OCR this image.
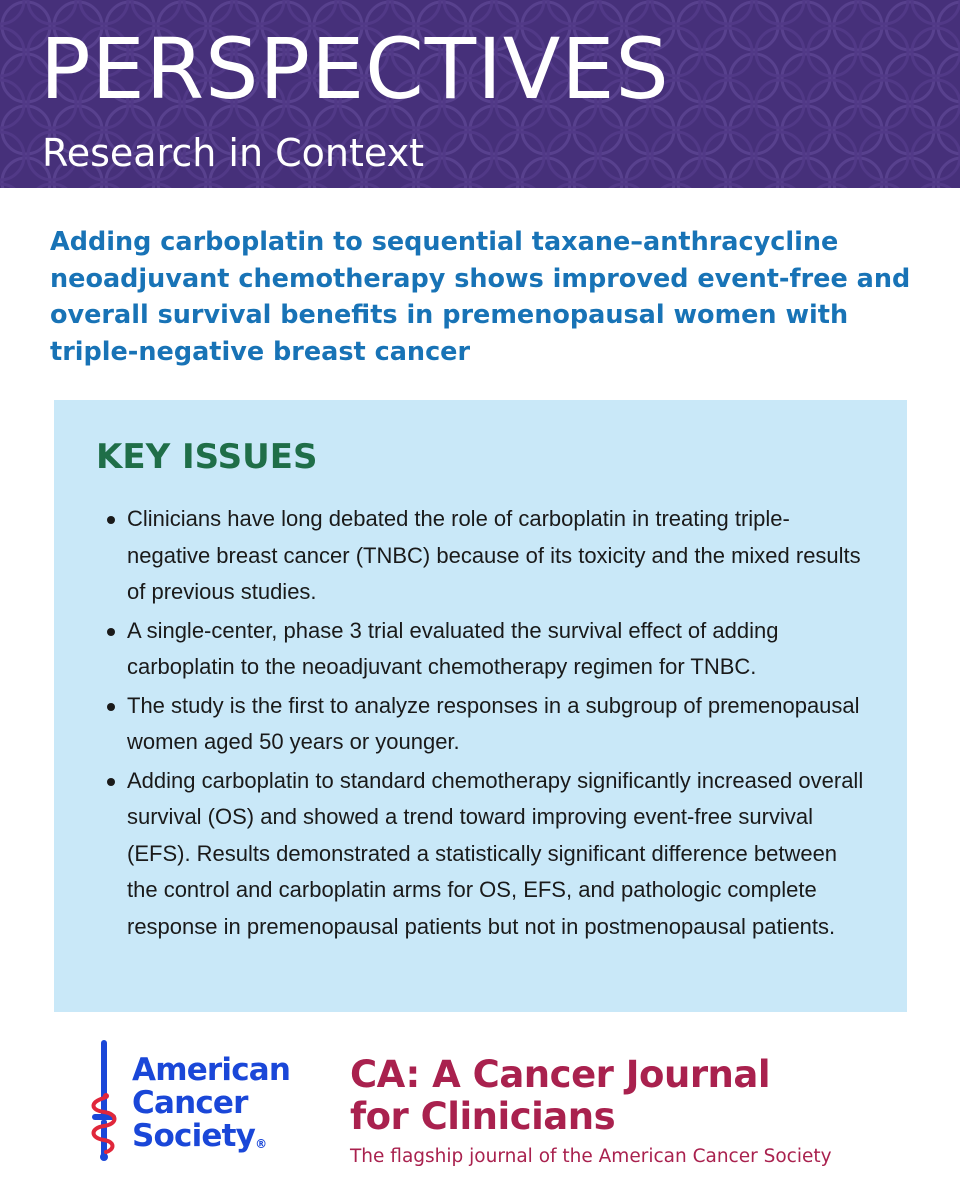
PERSPECTIVES
Research in Context
Adding carboplatin to sequential taxane–anthracycline neoadjuvant chemotherapy shows improved event-free and overall survival benefits in premenopausal women with triple-negative breast cancer
KEY ISSUES
Clinicians have long debated the role of carboplatin in treating triple-negative breast cancer (TNBC) because of its toxicity and the mixed results of previous studies.
A single-center, phase 3 trial evaluated the survival effect of adding carboplatin to the neoadjuvant chemotherapy regimen for TNBC.
The study is the first to analyze responses in a subgroup of premenopausal women aged 50 years or younger.
Adding carboplatin to standard chemotherapy significantly increased overall survival (OS) and showed a trend toward improving event-free survival (EFS). Results demonstrated a statistically significant difference between the control and carboplatin arms for OS, EFS, and pathologic complete response in premenopausal patients but not in postmenopausal patients.
American
Cancer
Society®
CA: A Cancer Journal
for Clinicians

The flagship journal of the American Cancer Society
